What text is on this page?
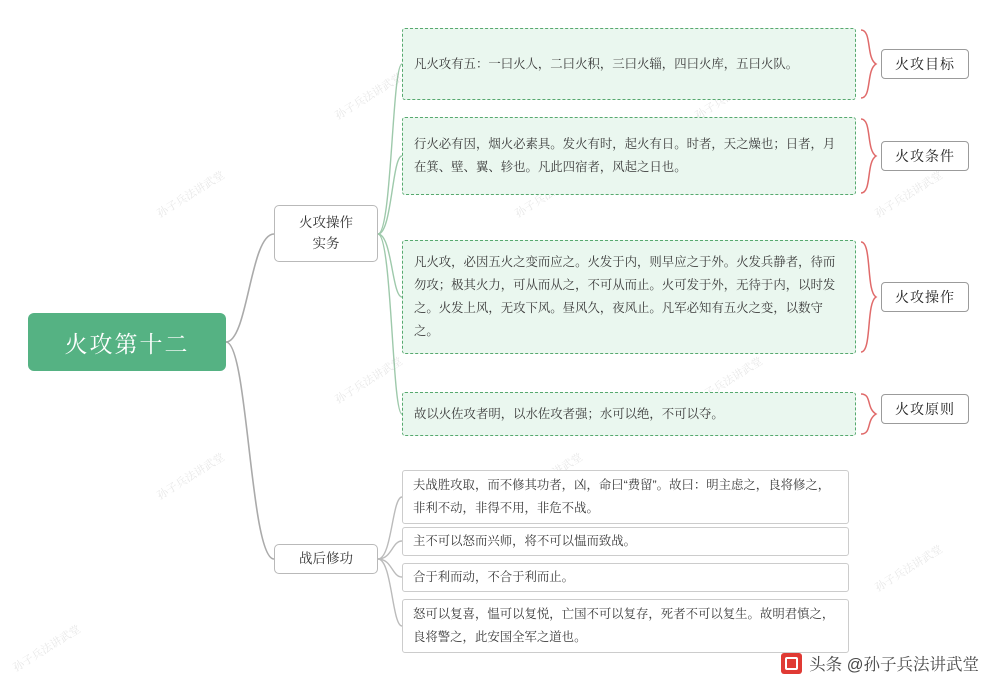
孙子兵法讲武堂
孙子兵法讲武堂
孙子兵法讲武堂
孙子兵法讲武堂
孙子兵法讲武堂	孙子兵法讲武堂
孙子兵法讲武堂
孙子兵法讲武堂
火攻第十二
火攻操作
实务
战后修功
凡火攻有五：一曰火人，二曰火积，三曰火辎，四曰火库，五曰火队。
行火必有因，烟火必素具。发火有时，起火有日。时者，天之燥也；日者，月在箕、壁、翼、轸也。凡此四宿者，风起之日也。
凡火攻，必因五火之变而应之。火发于内，则早应之于外。火发兵静者，待而勿攻；极其火力，可从而从之，不可从而止。火可发于外，无待于内，以时发之。火发上风，无攻下风。昼风久，夜风止。凡军必知有五火之变，以数守之。
故以火佐攻者明，以水佐攻者强；水可以绝，不可以夺。
夫战胜攻取，而不修其功者，凶，命曰“费留”。故曰：明主虑之，良将修之，非利不动，非得不用，非危不战。
主不可以怒而兴师，将不可以愠而致战。
合于利而动，不合于利而止。
怒可以复喜，愠可以复悦，亡国不可以复存，死者不可以复生。故明君慎之，良将警之，此安国全军之道也。
火攻目标
火攻条件
火攻操作
火攻原则
头条 @孙子兵法讲武堂
